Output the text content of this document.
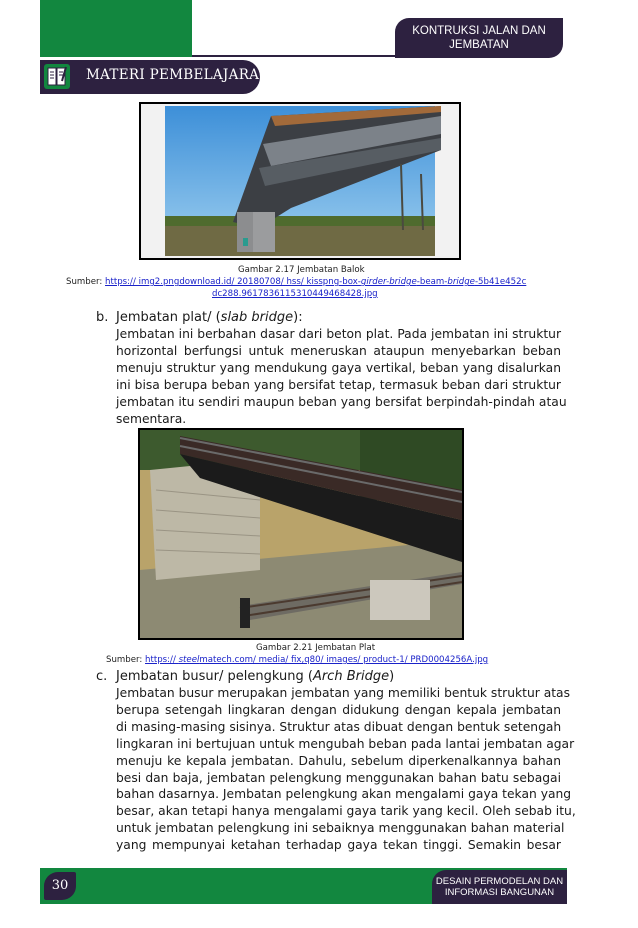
KONTRUKSI JALAN DAN
JEMBATAN
MATERI PEMBELAJARAN
Gambar 2.17 Jembatan Balok
Sumber: https:// img2.pngdownload.id/ 20180708/ hss/ kisspng-box-girder-bridge-beam-bridge-5b41e452c
dc288.9617836115310449468428.jpg
b. Jembatan plat/ (slab bridge):
Jembatan ini berbahan dasar dari beton plat. Pada jembatan ini struktur
horizontal berfungsi untuk meneruskan ataupun menyebarkan beban
menuju struktur yang mendukung gaya vertikal, beban yang disalurkan
ini bisa berupa beban yang bersifat tetap, termasuk beban dari struktur
jembatan itu sendiri maupun beban yang bersifat berpindah-pindah atau
sementara.
Gambar 2.21 Jembatan Plat
Sumber: https:// steelmatech.com/ media/ fix,q80/ images/ product-1/ PRD0004256A.jpg
c. Jembatan busur/ pelengkung (Arch Bridge)
Jembatan busur merupakan jembatan yang memiliki bentuk struktur atas
berupa setengah lingkaran dengan didukung dengan kepala jembatan
di masing-masing sisinya. Struktur atas dibuat dengan bentuk setengah
lingkaran ini bertujuan untuk mengubah beban pada lantai jembatan agar
menuju ke kepala jembatan. Dahulu, sebelum diperkenalkannya bahan
besi dan baja, jembatan pelengkung menggunakan bahan batu sebagai
bahan dasarnya. Jembatan pelengkung akan mengalami gaya tekan yang
besar, akan tetapi hanya mengalami gaya tarik yang kecil. Oleh sebab itu,
untuk jembatan pelengkung ini sebaiknya menggunakan bahan material
yang mempunyai ketahan terhadap gaya tekan tinggi. Semakin besar
30	DESAIN PERMODELAN DAN
INFORMASI BANGUNAN
